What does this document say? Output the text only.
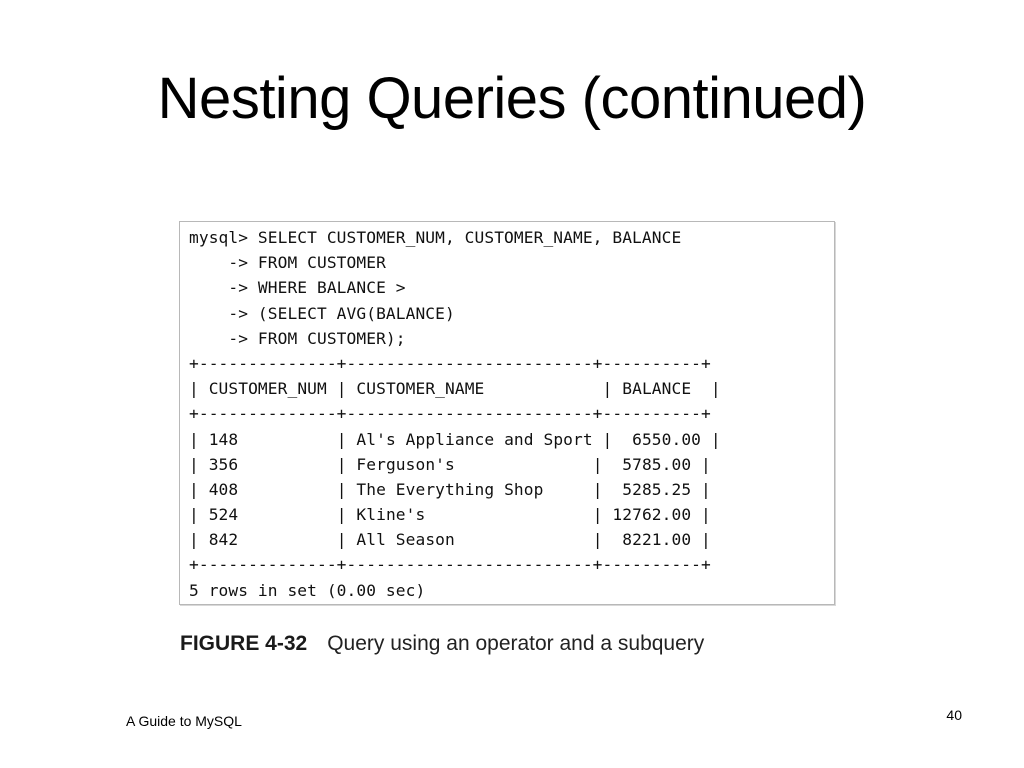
Nesting Queries (continued)
mysql> SELECT CUSTOMER_NUM, CUSTOMER_NAME, BALANCE
-> FROM CUSTOMER
-> WHERE BALANCE >
-> (SELECT AVG(BALANCE)
-> FROM CUSTOMER);
+--------------+-------------------------+----------+
| CUSTOMER_NUM | CUSTOMER_NAME            | BALANCE  |
+--------------+-------------------------+----------+
| 148          | Al's Appliance and Sport |  6550.00 |
| 356          | Ferguson's              |  5785.00 |
| 408          | The Everything Shop     |  5285.25 |
| 524          | Kline's                 | 12762.00 |
| 842          | All Season              |  8221.00 |
+--------------+-------------------------+----------+
5 rows in set (0.00 sec)
FIGURE 4-32 Query using an operator and a subquery
A Guide to MySQL	40
